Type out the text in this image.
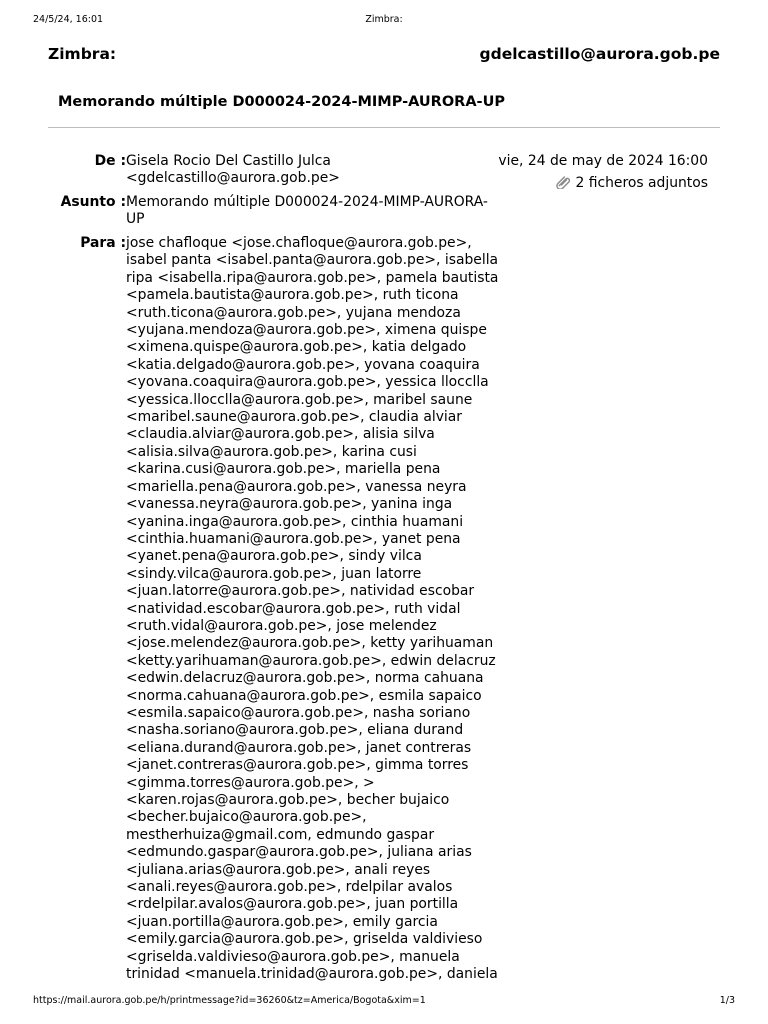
24/5/24, 16:01	Zimbra:
Zimbra:	gdelcastillo@aurora.gob.pe
Memorando múltiple D000024-2024-MIMP-AURORA-UP
De : Gisela Rocio Del Castillo Julca
<gdelcastillo@aurora.gob.pe>
Asunto : Memorando múltiple D000024-2024-MIMP-AURORA-
UP
Para : jose chafloque <jose.chafloque@aurora.gob.pe>,
isabel panta <isabel.panta@aurora.gob.pe>, isabella
ripa <isabella.ripa@aurora.gob.pe>, pamela bautista
<pamela.bautista@aurora.gob.pe>, ruth ticona
<ruth.ticona@aurora.gob.pe>, yujana mendoza
<yujana.mendoza@aurora.gob.pe>, ximena quispe
<ximena.quispe@aurora.gob.pe>, katia delgado
<katia.delgado@aurora.gob.pe>, yovana coaquira
<yovana.coaquira@aurora.gob.pe>, yessica llocclla
<yessica.llocclla@aurora.gob.pe>, maribel saune
<maribel.saune@aurora.gob.pe>, claudia alviar
<claudia.alviar@aurora.gob.pe>, alisia silva
<alisia.silva@aurora.gob.pe>, karina cusi
<karina.cusi@aurora.gob.pe>, mariella pena
<mariella.pena@aurora.gob.pe>, vanessa neyra
<vanessa.neyra@aurora.gob.pe>, yanina inga
<yanina.inga@aurora.gob.pe>, cinthia huamani
<cinthia.huamani@aurora.gob.pe>, yanet pena
<yanet.pena@aurora.gob.pe>, sindy vilca
<sindy.vilca@aurora.gob.pe>, juan latorre
<juan.latorre@aurora.gob.pe>, natividad escobar
<natividad.escobar@aurora.gob.pe>, ruth vidal
<ruth.vidal@aurora.gob.pe>, jose melendez
<jose.melendez@aurora.gob.pe>, ketty yarihuaman
<ketty.yarihuaman@aurora.gob.pe>, edwin delacruz
<edwin.delacruz@aurora.gob.pe>, norma cahuana
<norma.cahuana@aurora.gob.pe>, esmila sapaico
<esmila.sapaico@aurora.gob.pe>, nasha soriano
<nasha.soriano@aurora.gob.pe>, eliana durand
<eliana.durand@aurora.gob.pe>, janet contreras
<janet.contreras@aurora.gob.pe>, gimma torres
<gimma.torres@aurora.gob.pe>, >
<karen.rojas@aurora.gob.pe>, becher bujaico
<becher.bujaico@aurora.gob.pe>,
mestherhuiza@gmail.com, edmundo gaspar
<edmundo.gaspar@aurora.gob.pe>, juliana arias
<juliana.arias@aurora.gob.pe>, anali reyes
<anali.reyes@aurora.gob.pe>, rdelpilar avalos
<rdelpilar.avalos@aurora.gob.pe>, juan portilla
<juan.portilla@aurora.gob.pe>, emily garcia
<emily.garcia@aurora.gob.pe>, griselda valdivieso
<griselda.valdivieso@aurora.gob.pe>, manuela
trinidad <manuela.trinidad@aurora.gob.pe>, daniela
vie, 24 de may de 2024 16:00
2 ficheros adjuntos
https://mail.aurora.gob.pe/h/printmessage?id=36260&tz=America/Bogota&xim=1	1/3
